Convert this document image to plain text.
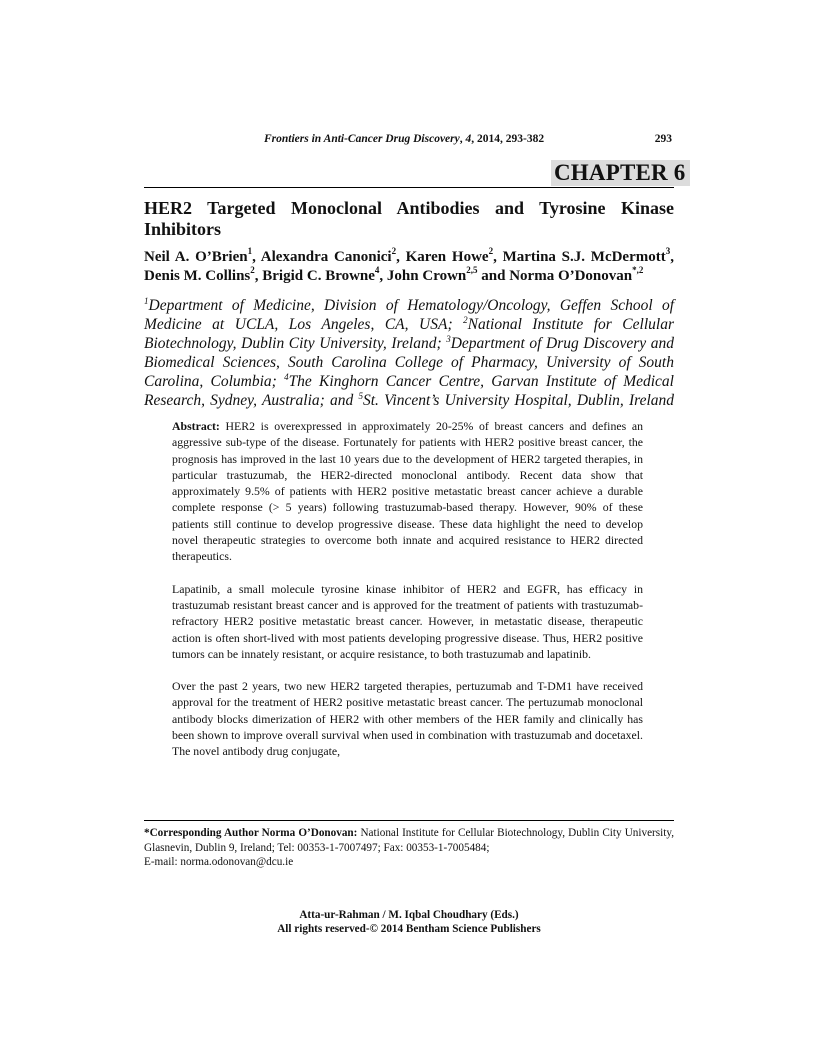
Frontiers in Anti-Cancer Drug Discovery, 4, 2014, 293-382	293
CHAPTER 6
HER2 Targeted Monoclonal Antibodies and Tyrosine Kinase Inhibitors
Neil A. O’Brien$^1$, Alexandra Canonici$^2$, Karen Howe$^2$, Martina S.J. McDermott$^3$, Denis M. Collins$^2$, Brigid C. Browne$^4$, John Crown$^{2,5}$ and Norma O’Donovan$^{*,2}$
$^1$Department of Medicine, Division of Hematology/Oncology, Geffen School of Medicine at UCLA, Los Angeles, CA, USA; $^2$National Institute for Cellular Biotechnology, Dublin City University, Ireland; $^3$Department of Drug Discovery and Biomedical Sciences, South Carolina College of Pharmacy, University of South Carolina, Columbia; $^4$The Kinghorn Cancer Centre, Garvan Institute of Medical Research, Sydney, Australia; and $^5$St. Vincent’s University Hospital, Dublin, Ireland

Abstract: HER2 is overexpressed in approximately 20-25% of breast cancers and defines an aggressive sub-type of the disease. Fortunately for patients with HER2 positive breast cancer, the prognosis has improved in the last 10 years due to the development of HER2 targeted therapies, in particular trastuzumab, the HER2-directed monoclonal antibody. Recent data show that approximately 9.5% of patients with HER2 positive metastatic breast cancer achieve a durable complete response (> 5 years) following trastuzumab-based therapy. However, 90% of these patients still continue to develop progressive disease. These data highlight the need to develop novel therapeutic strategies to overcome both innate and acquired resistance to HER2 directed therapeutics.

Lapatinib, a small molecule tyrosine kinase inhibitor of HER2 and EGFR, has efficacy in trastuzumab resistant breast cancer and is approved for the treatment of patients with trastuzumab-refractory HER2 positive metastatic breast cancer. However, in metastatic disease, therapeutic action is often short-lived with most patients developing progressive disease. Thus, HER2 positive tumors can be innately resistant, or acquire resistance, to both trastuzumab and lapatinib.

Over the past 2 years, two new HER2 targeted therapies, pertuzumab and T-DM1 have received approval for the treatment of HER2 positive metastatic breast cancer. The pertuzumab monoclonal antibody blocks dimerization of HER2 with other members of the HER family and clinically has been shown to improve overall survival when used in combination with trastuzumab and docetaxel. The novel antibody drug conjugate,

*Corresponding Author Norma O’Donovan: National Institute for Cellular Biotechnology, Dublin City University, Glasnevin, Dublin 9, Ireland; Tel: 00353-1-7007497; Fax: 00353-1-7005484;
E-mail: norma.odonovan@dcu.ie
Atta-ur-Rahman / M. Iqbal Choudhary (Eds.)
All rights reserved-© 2014 Bentham Science Publishers
